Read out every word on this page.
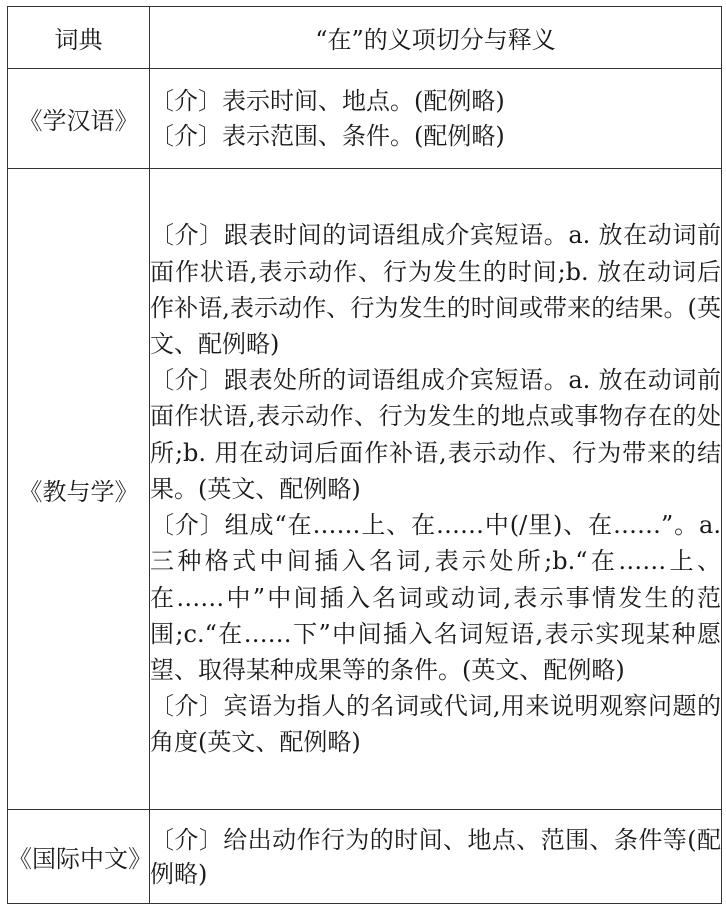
词典	“在”的义项切分与释义
《学汉语》	〔介〕表示时间、地点。(配例略)
〔介〕表示范围、条件。(配例略)

《教与学》	〔介〕跟表时间的词语组成介宾短语。a. 放在动词前面作状语,表示动作、行为发生的时间;b. 放在动词后作补语,表示动作、行为发生的时间或带来的结果。(英文、配例略)
〔介〕跟表处所的词语组成介宾短语。a. 放在动词前面作状语,表示动作、行为发生的地点或事物存在的处所;b. 用在动词后面作补语,表示动作、行为带来的结果。(英文、配例略)
〔介〕组成“在……上、在……中(/里)、在……”。a. 三种格式中间插入名词,表示处所;b.“在……上、在……中”中间插入名词或动词,表示事情发生的范围;c.“在……下”中间插入名词短语,表示实现某种愿望、取得某种成果等的条件。(英文、配例略)
〔介〕宾语为指人的名词或代词,用来说明观察问题的角度(英文、配例略)

《国际中文》	〔介〕给出动作行为的时间、地点、范围、条件等(配例略)
